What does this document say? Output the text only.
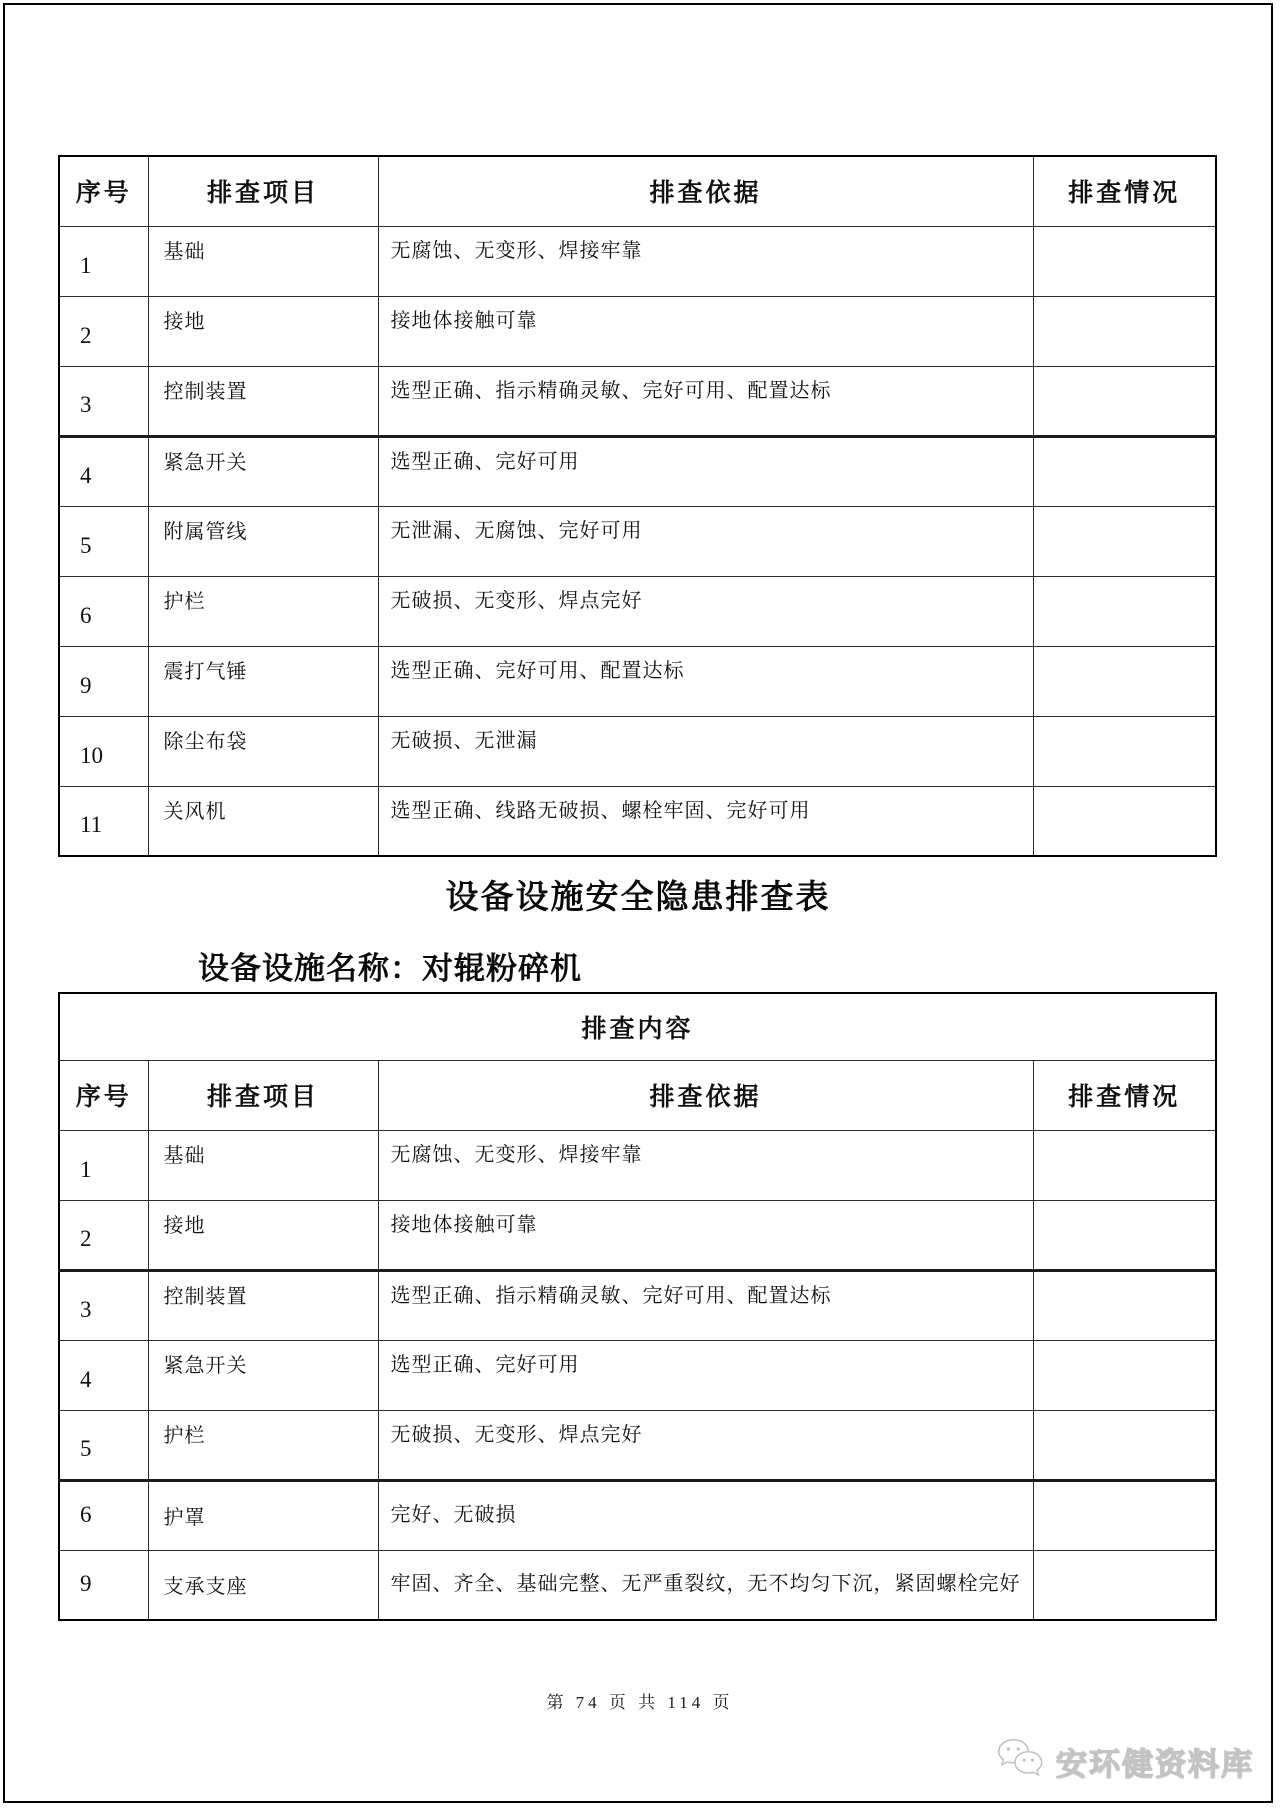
序号	排查项目	排查依据	排查情况
1	基础	无腐蚀、无变形、焊接牢靠	
2	接地	接地体接触可靠	
3	控制装置	选型正确、指示精确灵敏、完好可用、配置达标	
4	紧急开关	选型正确、完好可用	
5	附属管线	无泄漏、无腐蚀、完好可用	
6	护栏	无破损、无变形、焊点完好	
9	震打气锤	选型正确、完好可用、配置达标	
10	除尘布袋	无破损、无泄漏	
11	关风机	选型正确、线路无破损、螺栓牢固、完好可用	
设备设施安全隐患排查表
设备设施名称：对辊粉碎机
排查内容			
序号	排查项目	排查依据	排查情况
1	基础	无腐蚀、无变形、焊接牢靠	
2	接地	接地体接触可靠	
3	控制装置	选型正确、指示精确灵敏、完好可用、配置达标	
4	紧急开关	选型正确、完好可用	
5	护栏	无破损、无变形、焊点完好	
6	护罩	完好、无破损	
9	支承支座	牢固、齐全、基础完整、无严重裂纹，无不均匀下沉，紧固螺栓完好	
第 74 页 共 114 页
安环健资料库
